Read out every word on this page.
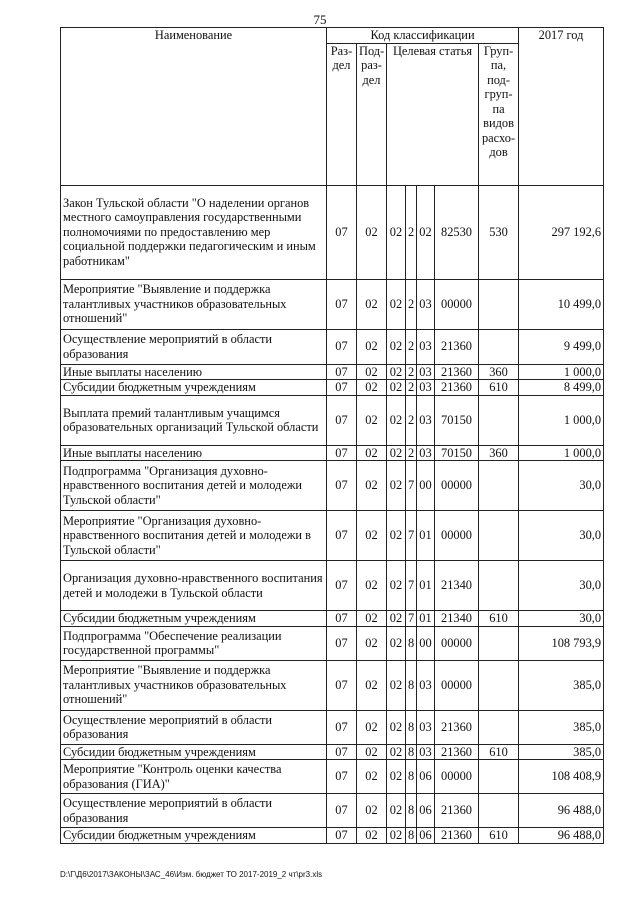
75
Наименование	Код классификации							2017 год
	Раз-дел	Под-раз-дел	Целевая статья				Груп-па, под-груп-па видов расхо-дов	
Закон Тульской области "О наделении органов местного самоуправления государственными полномочиями по предоставлению мер социальной поддержки педагогическим и иным работникам"	07	02	02	2	02	82530	530	297 192,6
Мероприятие "Выявление и поддержка талантливых участников образовательных отношений"	07	02	02	2	03	00000		10 499,0
Осуществление мероприятий в области образования	07	02	02	2	03	21360		9 499,0
Иные выплаты населению	07	02	02	2	03	21360	360	1 000,0
Субсидии бюджетным учреждениям	07	02	02	2	03	21360	610	8 499,0
Выплата премий талантливым учащимся образовательных организаций Тульской области	07	02	02	2	03	70150		1 000,0
Иные выплаты населению	07	02	02	2	03	70150	360	1 000,0
Подпрограмма "Организация духовно-нравственного воспитания детей и молодежи Тульской области"	07	02	02	7	00	00000		30,0
Мероприятие "Организация духовно-нравственного воспитания детей и молодежи в Тульской области"	07	02	02	7	01	00000		30,0
Организация духовно-нравственного воспитания детей и молодежи в Тульской области	07	02	02	7	01	21340		30,0
Субсидии бюджетным учреждениям	07	02	02	7	01	21340	610	30,0
Подпрограмма "Обеспечение реализации государственной программы"	07	02	02	8	00	00000		108 793,9
Мероприятие "Выявление и поддержка талантливых участников образовательных отношений"	07	02	02	8	03	00000		385,0
Осуществление мероприятий в области образования	07	02	02	8	03	21360		385,0
Субсидии бюджетным учреждениям	07	02	02	8	03	21360	610	385,0
Мероприятие "Контроль оценки качества образования (ГИА)"	07	02	02	8	06	00000		108 408,9
Осуществление мероприятий в области образования	07	02	02	8	06	21360		96 488,0
Субсидии бюджетным учреждениям	07	02	02	8	06	21360	610	96 488,0
D:\Г\Д6\2017\ЗАКОНЫ\ЗАС_46\Изм. бюджет ТО 2017-2019_2 чт\pr3.xls
